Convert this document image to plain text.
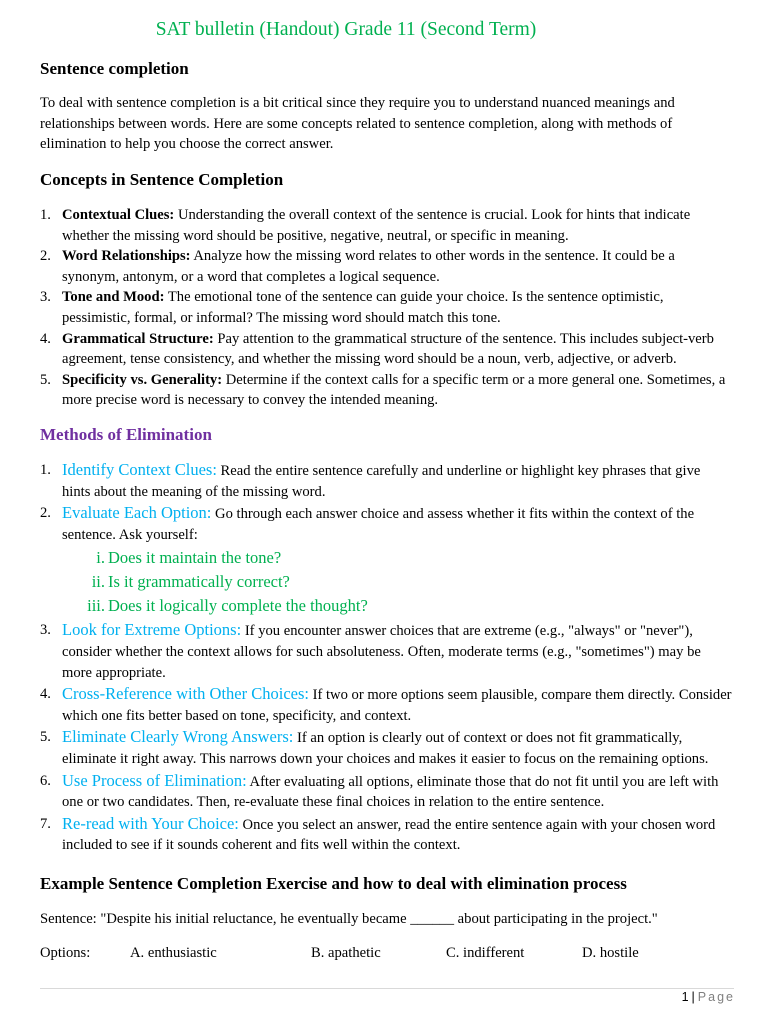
SAT bulletin (Handout) Grade 11 (Second Term)
Sentence completion
To deal with sentence completion is a bit critical since they require you to understand nuanced meanings and relationships between words. Here are some concepts related to sentence completion, along with methods of elimination to help you choose the correct answer.
Concepts in Sentence Completion
1. Contextual Clues: Understanding the overall context of the sentence is crucial. Look for hints that indicate whether the missing word should be positive, negative, neutral, or specific in meaning.
2. Word Relationships: Analyze how the missing word relates to other words in the sentence. It could be a synonym, antonym, or a word that completes a logical sequence.
3. Tone and Mood: The emotional tone of the sentence can guide your choice. Is the sentence optimistic, pessimistic, formal, or informal? The missing word should match this tone.
4. Grammatical Structure: Pay attention to the grammatical structure of the sentence. This includes subject-verb agreement, tense consistency, and whether the missing word should be a noun, verb, adjective, or adverb.
5. Specificity vs. Generality: Determine if the context calls for a specific term or a more general one. Sometimes, a more precise word is necessary to convey the intended meaning.
Methods of Elimination
1. Identify Context Clues: Read the entire sentence carefully and underline or highlight key phrases that give hints about the meaning of the missing word.
2. Evaluate Each Option: Go through each answer choice and assess whether it fits within the context of the sentence. Ask yourself:
i. Does it maintain the tone?
ii. Is it grammatically correct?
iii. Does it logically complete the thought?
3. Look for Extreme Options: If you encounter answer choices that are extreme (e.g., "always" or "never"), consider whether the context allows for such absoluteness. Often, moderate terms (e.g., "sometimes") may be more appropriate.
4. Cross-Reference with Other Choices: If two or more options seem plausible, compare them directly. Consider which one fits better based on tone, specificity, and context.
5. Eliminate Clearly Wrong Answers: If an option is clearly out of context or does not fit grammatically, eliminate it right away. This narrows down your choices and makes it easier to focus on the remaining options.
6. Use Process of Elimination: After evaluating all options, eliminate those that do not fit until you are left with one or two candidates. Then, re-evaluate these final choices in relation to the entire sentence.
7. Re-read with Your Choice: Once you select an answer, read the entire sentence again with your chosen word included to see if it sounds coherent and fits well within the context.
Example Sentence Completion Exercise and how to deal with elimination process
Sentence: "Despite his initial reluctance, he eventually became ______ about participating in the project."
Options:	A. enthusiastic	B. apathetic	C. indifferent	D. hostile
1 | Page
